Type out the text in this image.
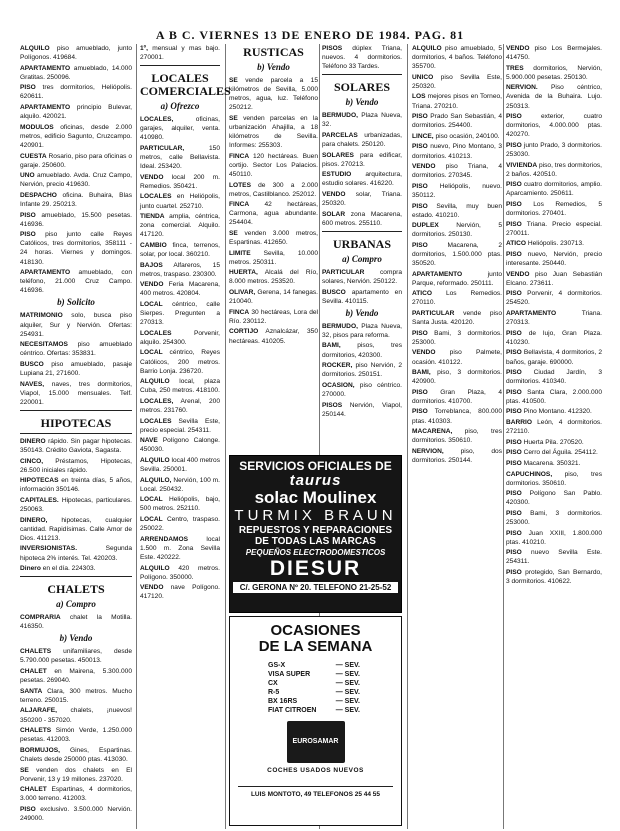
A B C. VIERNES 13 DE ENERO DE 1984. PAG. 81

ALQUILO piso amueblado, junto Polígonos. 419684.

APARTAMENTO amueblado, 14.000 Gratitas. 250096.

PISO tres dormitorios, Heliópolis. 620611.

APARTAMENTO principio Bulevar, alquilo. 420021.

MODULOS oficinas, desde 2.000 metros, edificio Sagunto, Cruzcampo. 420901.

CUESTA Rosario, piso para oficinas o garaje. 250600.

UNO amueblado. Avda. Cruz Campo, Nervión, precio 419630.

DESPACHO oficina. Buhaira, Blas Infante 29. 250213.

PISO amueblado, 15.500 pesetas. 416936.

PISO piso junto calle Reyes Católicos, tres dormitorios, 358111 - 24 horas. Viernes y domingos. 418130.

APARTAMENTO amueblado, con teléfono, 21.000 Cruz Campo. 416936.

b) Solicito

MATRIMONIO solo, busca piso alquiler, Sur y Nervión. Ofertas: 254931.

NECESITAMOS piso amueblado céntrico. Ofertas: 353831.

BUSCO piso amueblado, pasaje Lupiana 21, 271600.

NAVES, naves, tres dormitorios, Viapol, 15.000 mensuales. Telf. 220001.

HIPOTECAS

DINERO rápido. Sin pagar hipotecas. 350143. Crédito Gaviota, Sagasta.

CINCO, Préstamos, Hipotecas, 26.500 iniciales rápido.

HIPOTECAS en treinta días, 5 años, información 350146.

CAPITALES. Hipotecas, particulares. 250063.

DINERO, hipotecas, cualquier cantidad. Rapidísimas. Calle Amor de Dios. 411213.

INVERSIONISTAS. Segunda hipoteca 2% interés. Tel. 420203.

Dinero en el día. 224303.

CHALETS
a) Compro

COMPRARIA chalet la Motilla. 416350.

b) Vendo

CHALETS unifamiliares, desde 5.790.000 pesetas. 450013.

CHALET en Mairena, 5.300.000 pesetas. 269040.

SANTA Clara, 300 metros. Mucho terreno. 250015.

ALJARAFE, chalets, ¡nuevos! 350200 - 357020.

CHALETS Simón Verde, 1.250.000 pesetas. 412003.

BORMUJOS, Gines, Espartinas. Chalets desde 250000 ptas. 413030.

SE venden dos chalets en El Porvenir, 13 y 19 millones. 237020.

CHALET Espartinas, 4 dormitorios, 3.000 terreno. 412003.

PISO exclusivo. 3.500.000 Nervión. 249000.

1º, mensual y mas bajo. 270001.

LOCALES COMERCIALES
a) Ofrezco

LOCALES, oficinas, garajes, alquiler, venta. 410980.

PARTICULAR, 150 metros, calle Bellavista. Ideal. 253420.

VENDO local 200 m. Remedios. 350421.

LOCALES en Heliópolis, junto cuartel. 252710.

TIENDA amplia, céntrica, zona comercial. Alquilo. 417120.

CAMBIO finca, terrenos, solar, por local. 360210.

BAJOS Alfareros, 15 metros, traspaso. 230300.

VENDO Feria Macarena, 400 metros. 420804.

LOCAL céntrico, calle Sierpes. Pregunten a 270313.

LOCALES Porvenir, alquilo. 254300.

LOCAL céntrico, Reyes Católicos, 200 metros. Barrio Lonja. 236720.

ALQUILO local, plaza Cuba, 250 metros. 418100.

LOCALES, Arenal, 200 metros. 231760.

LOCALES Sevilla Este, precio especial. 254311.

NAVE Polígono Calonge. 450030.

ALQUILO local 400 metros Sevilla. 250001.

ALQUILO, Nervión, 100 m. Local. 250432.

LOCAL Heliópolis, bajo, 500 metros. 252110.

LOCAL Centro, traspaso. 250022.

ARRENDAMOS local 1.500 m. Zona Sevilla Este. 420222.

ALQUILO 420 metros. Polígono. 350000.

VENDO nave Polígono. 417120.

RUSTICAS
b) Vendo

SE vende parcela a 15 kilómetros de Sevilla, 5.000 metros, agua, luz. Teléfono 250212.

SE venden parcelas en la urbanización Ahajilla, a 18 kilómetros de Sevilla. Informes: 255303.

FINCA 120 hectáreas. Buen cortijo. Sector Los Palacios. 450110.

LOTES de 300 a 2.000 metros, Castilblanco. 252012.

FINCA 42 hectáreas, Carmona, agua abundante. 254404.

SE venden 3.000 metros, Espartinas. 412650.

LIMITE Sevilla, 10.000 metros. 250311.

HUERTA, Alcalá del Río, 8.000 metros. 253520.

OLIVAR, Gerena, 14 fanegas. 210040.

FINCA 30 hectáreas, Lora del Río. 230112.

CORTIJO Aznalcázar, 350 hectáreas. 410205.

PISOS dúplex Triana, nuevos. 4 dormitorios. Teléfono 33 Tardes.

SOLARES
b) Vendo

BERMUDO, Plaza Nueva, 32.

PARCELAS urbanizadas, para chalets. 250120.

SOLARES para edificar, pisos. 270213.

ESTUDIO arquitectura, estudio solares. 416220.

VENDO solar, Triana. 250320.

SOLAR zona Macarena, 600 metros. 255110.

URBANAS
a) Compro

PARTICULAR compra solares, Nervión. 250122.

BUSCO apartamento en Sevilla. 410115.

b) Vendo

BERMUDO, Plaza Nueva, 32, pisos para reforma.

BAMI, pisos, tres dormitorios, 420300.

ROCKER, piso Nervión, 2 dormitorios. 250151.

OCASION, piso céntrico. 270000.

PISOS Nervión, Viapol, 250144.

ALQUILO piso amueblado, 5 dormitorios, 4 baños. Teléfono 355700.

UNICO piso Sevilla Este, 250320.

LOS mejores pisos en Torneo, Triana. 270210.

PISO Prado San Sebastián, 4 dormitorios. 254400.

LINCE, piso ocasión, 240100.

PISO nuevo, Pino Montano, 3 dormitorios. 410213.

VENDO piso Triana, 4 dormitorios. 270345.

PISO Heliópolis, nuevo. 350112.

PISO Sevilla, muy buen estado. 410210.

DUPLEX Nervión, 5 dormitorios. 250130.

PISO Macarena, 2 dormitorios, 1.500.000 ptas. 350520.

APARTAMENTO junto Parque, reformado. 250111.

ATICO Los Remedios. 270110.

PARTICULAR vende piso Santa Justa. 420120.

PISO Bami, 3 dormitorios. 253000.

VENDO piso Palmete, ocasión. 410122.

BAMI, piso, 3 dormitorios. 420900.

PISO Gran Plaza, 4 dormitorios. 410700.

PISO Torreblanca, 800.000 ptas. 410303.

MACARENA, piso, tres dormitorios. 350610.

NERVION, piso, dos dormitorios. 250144.

VENDO piso Los Bermejales. 414750.

TRES dormitorios, Nervión, 5.900.000 pesetas. 250130.

NERVION. Piso céntrico, Avenida de la Buhaira. Lujo. 250313.

PISO exterior, cuatro dormitorios, 4.000.000 ptas. 420270.

PISO junto Prado, 3 dormitorios. 253030.

VIVIENDA piso, tres dormitorios, 2 baños. 420510.

PISO cuatro dormitorios, amplio. Aparcamiento. 250611.

PISO Los Remedios, 5 dormitorios. 270401.

PISO Triana. Precio especial. 270011.

ATICO Heliópolis. 230713.

PISO nuevo, Nervión, precio interesante. 250440.

VENDO piso Juan Sebastián Elcano. 273611.

PISO Porvenir, 4 dormitorios. 254520.

APARTAMENTO Triana. 270313.

PISO de lujo, Gran Plaza. 410230.

PISO Bellavista, 4 dormitorios, 2 baños, garaje. 690000.

PISO Ciudad Jardín, 3 dormitorios. 410340.

PISO Santa Clara, 2.000.000 ptas. 410500.

PISO Pino Montano. 412320.

BARRIO León, 4 dormitorios. 272110.

PISO Huerta Pila. 270520.

PISO Cerro del Águila. 254112.

PISO Macarena. 350321.

CAPUCHINOS, piso, tres dormitorios. 350610.

PISO Polígono San Pablo. 420300.

PISO Bami, 3 dormitorios. 253000.

PISO Juan XXIII, 1.800.000 ptas. 410210.

PISO nuevo Sevilla Este. 254311.

PISO protegido, San Bernardo, 3 dormitorios. 410622.

SERVICIOS OFICIALES DE
taurus
solac Moulinex
TURMIX BRAUN
REPUESTOS Y REPARACIONES
DE TODAS LAS MARCAS
PEQUEÑOS ELECTRODOMESTICOS
DIESUR
C/. GERONA Nº 20. TELEFONO 21-25-52
OCASIONES
DE LA SEMANA
GS-X	— SEV.
VISA SUPER	— SEV.
CX	— SEV.
R-5	— SEV.
BX 16RS	— SEV.
FIAT CITROEN	— SEV.
EUROSAMAR
COCHES USADOS NUEVOS
LUIS MONTOTO, 49 TELEFONOS 25 44 55
